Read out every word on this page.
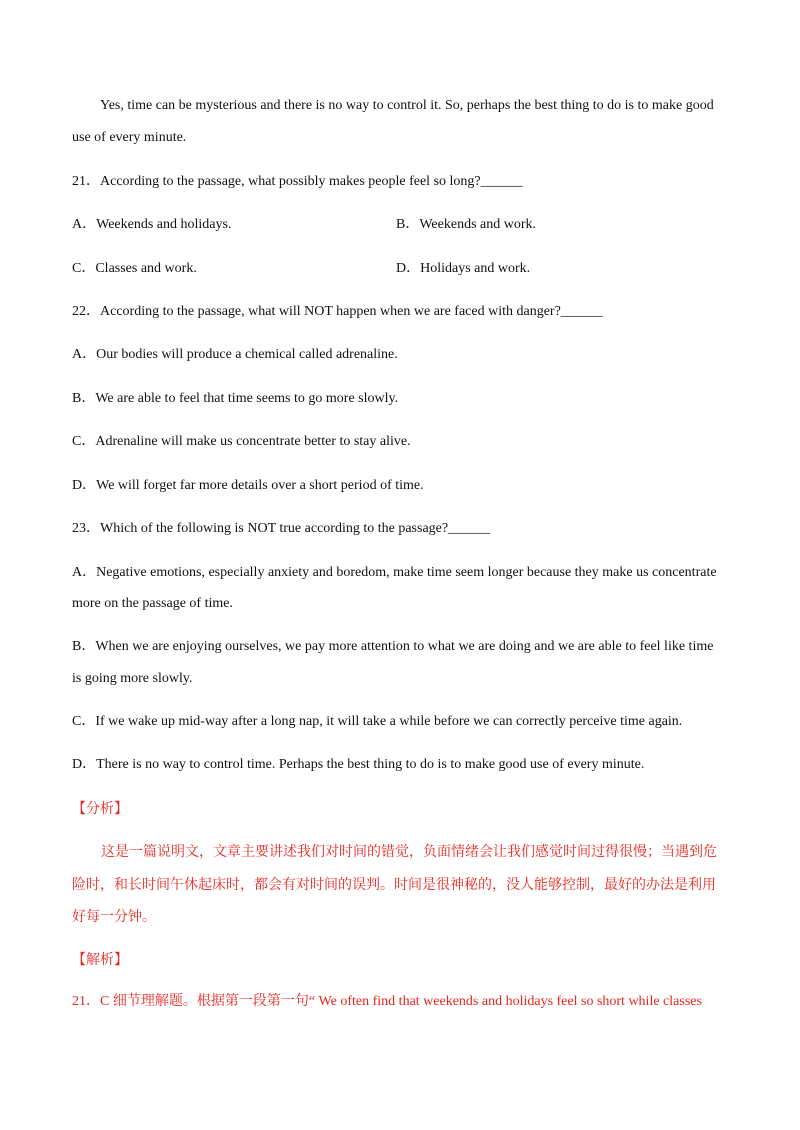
Yes, time can be mysterious and there is no way to control it. So, perhaps the best thing to do is to make good
use of every minute.
21．According to the passage, what possibly makes people feel so long?______
A．Weekends and holidays.	B．Weekends and work.
C．Classes and work.	D．Holidays and work.
22．According to the passage, what will NOT happen when we are faced with danger?______
A．Our bodies will produce a chemical called adrenaline.
B．We are able to feel that time seems to go more slowly.
C．Adrenaline will make us concentrate better to stay alive.
D．We will forget far more details over a short period of time.
23．Which of the following is NOT true according to the passage?______
A．Negative emotions, especially anxiety and boredom, make time seem longer because they make us concentrate
more on the passage of time.
B．When we are enjoying ourselves, we pay more attention to what we are doing and we are able to feel like time
is going more slowly.
C．If we wake up mid-way after a long nap, it will take a while before we can correctly perceive time again.
D．There is no way to control time. Perhaps the best thing to do is to make good use of every minute.
【分析】
这是一篇说明文，文章主要讲述我们对时间的错觉，负面情绪会让我们感觉时间过得很慢；当遇到危
险时，和长时间午休起床时，都会有对时间的误判。时间是很神秘的，没人能够控制，最好的办法是利用
好每一分钟。
【解析】
21．C 细节理解题。根据第一段第一句“ We often find that weekends and holidays feel so short while classes
